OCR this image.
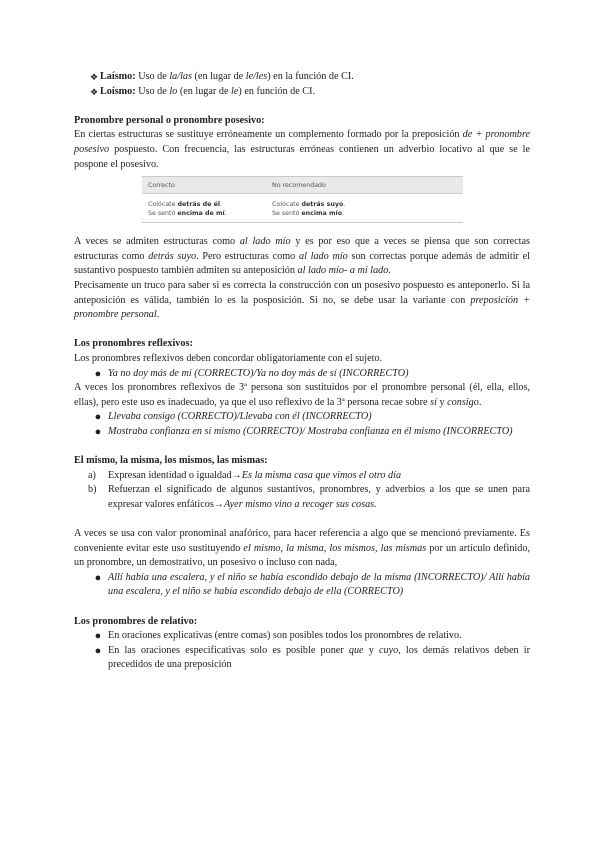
❖ Laísmo: Uso de la/las (en lugar de le/les) en la función de CI.
❖ Loísmo: Uso de lo (en lugar de le) en función de CI.
Pronombre personal o pronombre posesivo:

En ciertas estructuras se sustituye erróneamente un complemento formado por la preposición de + pronombre posesivo pospuesto. Con frecuencia, las estructuras erróneas contienen un adverbio locativo al que se le pospone el posesivo.

Correcto	No recomendado
Colócate detrás de él.	Colócate detrás suyo.
Se sentó encima de mí.	Se sentó encima mío.

A veces se admiten estructuras como al lado mío y es por eso que a veces se piensa que son correctas estructuras como detrás suyo. Pero estructuras como al lado mío son correctas porque además de admitir el sustantivo pospuesto también admiten su anteposición al lado mío- a mi lado.

Precisamente un truco para saber si es correcta la construcción con un posesivo pospuesto es anteponerlo. Si la anteposición es válida, también lo es la posposición. Si no, se debe usar la variante con preposición + pronombre personal.

Los pronombres reflexivos:

Los pronombres reflexivos deben concordar obligatoriamente con el sujeto.

● Ya no doy más de mí (CORRECTO)/Ya no doy más de sí (INCORRECTO)

A veces los pronombres reflexivos de 3ª persona son sustituidos por el pronombre personal (él, ella, ellos, ellas), pero este uso es inadecuado, ya que el uso reflexivo de la 3ª persona recae sobre sí y consigo.

● Llevaba consigo (CORRECTO)/Llevaba con él (INCORRECTO)
● Mostraba confianza en sí mismo (CORRECTO)/ Mostraba confianza en él mismo (INCORRECTO)
El mismo, la misma, los mismos, las mismas:
a)	Expresan identidad o igualdad→Es la misma casa que vimos el otro día
b)	Refuerzan el significado de algunos sustantivos, pronombres, y adverbios a los que se unen para expresar valores enfáticos→Ayer mismo vino a recoger sus cosas.

A veces se usa con valor pronominal anafórico, para hacer referencia a algo que se mencionó previamente. Es conveniente evitar este uso sustituyendo el mismo, la misma, los mismos, las mismas por un artículo definido, un pronombre, un demostrativo, un posesivo o incluso con nada,

● Allí había una escalera, y el niño se había escondido debajo de la misma (INCORRECTO)/ Allí había una escalera, y el niño se había escondido debajo de ella (CORRECTO)
Los pronombres de relativo:
● En oraciones explicativas (entre comas) son posibles todos los pronombres de relativo.
● En las oraciones especificativas solo es posible poner que y cuyo, los demás relativos deben ir precedidos de una preposición
